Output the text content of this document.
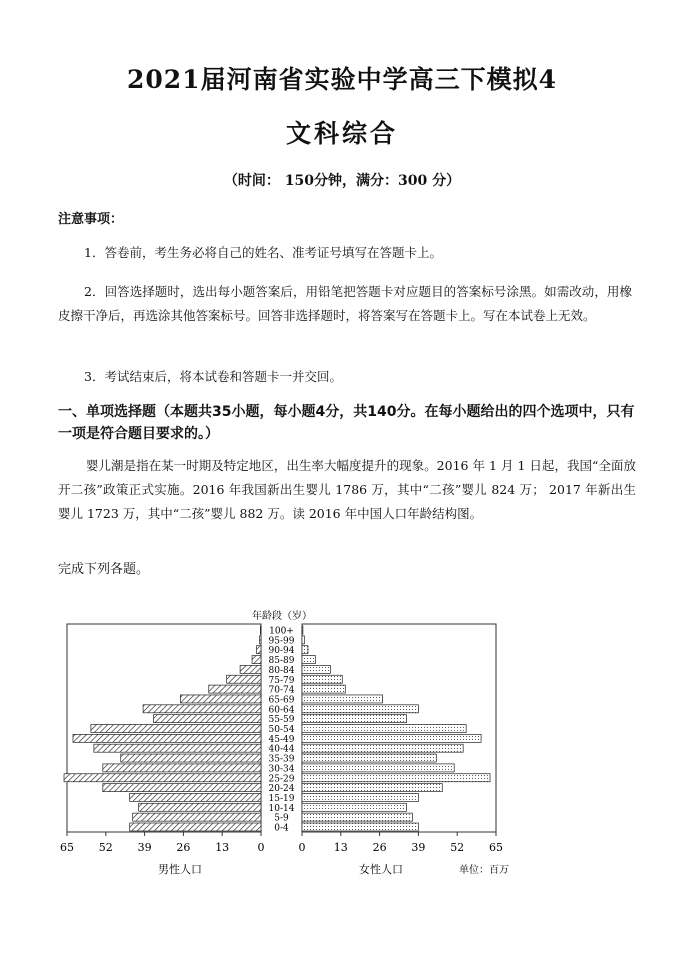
2021届河南省实验中学高三下模拟4
文科综合
（时间： 150分钟，满分：300 分）
注意事项：
1．答卷前，考生务必将自己的姓名、准考证号填写在答题卡上。
2．回答选择题时，选出每小题答案后，用铅笔把答题卡对应题目的答案标号涂黑。如需改动，用橡皮擦干净后，再选涂其他答案标号。回答非选择题时，将答案写在答题卡上。写在本试卷上无效。
3．考试结束后，将本试卷和答题卡一并交回。
一、单项选择题（本题共35小题，每小题4分，共140分。在每小题给出的四个选项中，只有一项是符合题目要求的。）
婴儿潮是指在某一时期及特定地区，出生率大幅度提升的现象。2016 年 1 月 1 日起，我国“全面放开二孩”政策正式实施。2016 年我国新出生婴儿 1786 万，其中“二孩”婴儿 824 万； 2017 年新出生婴儿 1723 万，其中“二孩”婴儿 882 万。读 2016 年中国人口年龄结构图。
完成下列各题。
年龄段（岁）
100+
95-99
90-94
85-89
80-84
75-79
70-74
65-69
60-64
55-59
50-54
45-49
40-44
35-39
30-34
25-29
20-24
15-19
10-14
5-9
0-4
65	65
52	52
39	39
26	26
13	13
0	0
男性人口	女性人口	单位：百万
